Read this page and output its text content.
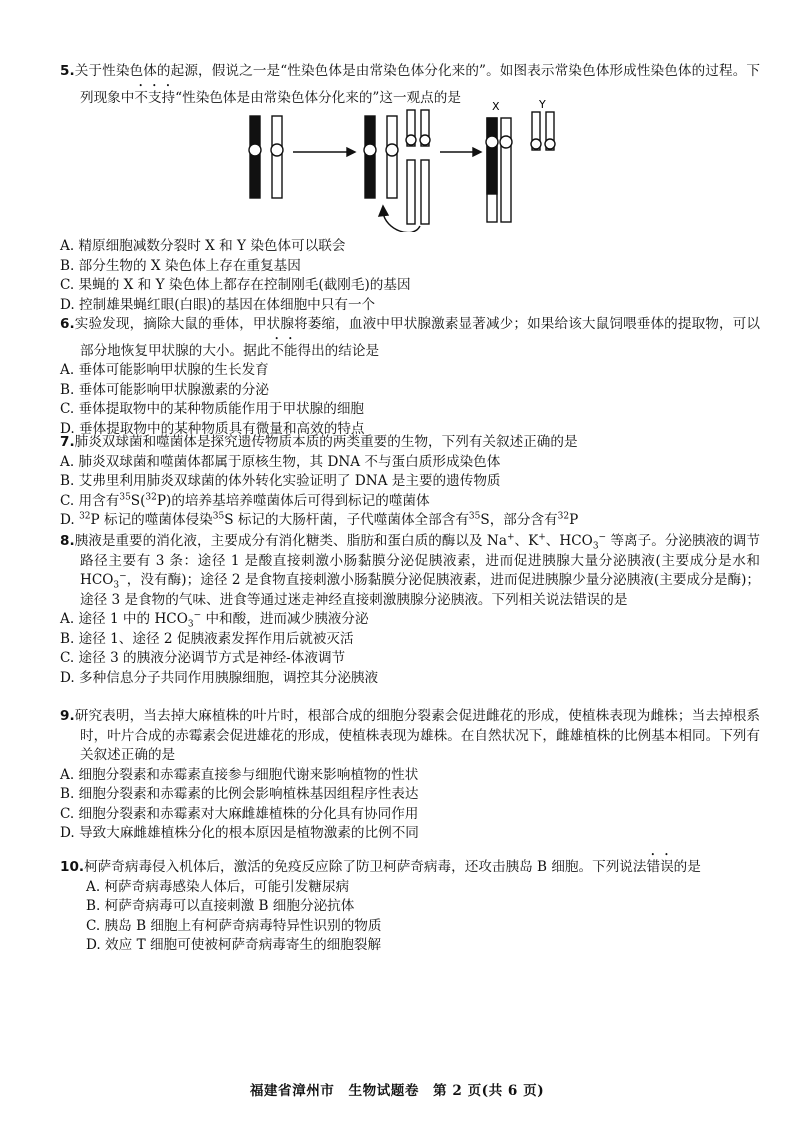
5.关于性染色体的起源，假说之一是“性染色体是由常染色体分化来的”。如图表示常染色体形成性染色体的过程。下列现象中不支持“性染色体是由常染色体分化来的”这一观点的是
X	Y
A. 精原细胞减数分裂时 X 和 Y 染色体可以联会
B. 部分生物的 X 染色体上存在重复基因
C. 果蝇的 X 和 Y 染色体上都存在控制刚毛(截刚毛)的基因
D. 控制雄果蝇红眼(白眼)的基因在体细胞中只有一个
6.实验发现，摘除大鼠的垂体，甲状腺将萎缩，血液中甲状腺激素显著减少；如果给该大鼠饲喂垂体的提取物，可以部分地恢复甲状腺的大小。据此不能得出的结论是
A. 垂体可能影响甲状腺的生长发育
B. 垂体可能影响甲状腺激素的分泌
C. 垂体提取物中的某种物质能作用于甲状腺的细胞
D. 垂体提取物中的某种物质具有微量和高效的特点
7.肺炎双球菌和噬菌体是探究遗传物质本质的两类重要的生物，下列有关叙述正确的是
A. 肺炎双球菌和噬菌体都属于原核生物，其 DNA 不与蛋白质形成染色体
B. 艾弗里利用肺炎双球菌的体外转化实验证明了 DNA 是主要的遗传物质
C. 用含有$^{35}$S($^{32}$P)的培养基培养噬菌体后可得到标记的噬菌体
D. $^{32}$P 标记的噬菌体侵染$^{35}$S 标记的大肠杆菌，子代噬菌体全部含有$^{35}$S，部分含有$^{32}$P
8.胰液是重要的消化液，主要成分有消化糖类、脂肪和蛋白质的酶以及 Na+、K+、$HCO_3^-$ 等离子。分泌胰液的调节路径主要有 3 条：途径 1 是酸直接刺激小肠黏膜分泌促胰液素，进而促进胰腺大量分泌胰液(主要成分是水和 $HCO_3^-$，没有酶)；途径 2 是食物直接刺激小肠黏膜分泌促胰液素，进而促进胰腺少量分泌胰液(主要成分是酶)；途径 3 是食物的气味、进食等通过迷走神经直接刺激胰腺分泌胰液。下列相关说法错误的是
A. 途径 1 中的 $HCO_3^-$ 中和酸，进而减少胰液分泌
B. 途径 1、途径 2 促胰液素发挥作用后就被灭活
C. 途径 3 的胰液分泌调节方式是神经-体液调节
D. 多种信息分子共同作用胰腺细胞，调控其分泌胰液
9.研究表明，当去掉大麻植株的叶片时，根部合成的细胞分裂素会促进雌花的形成，使植株表现为雌株；当去掉根系时，叶片合成的赤霉素会促进雄花的形成，使植株表现为雄株。在自然状况下，雌雄植株的比例基本相同。下列有关叙述正确的是
A. 细胞分裂素和赤霉素直接参与细胞代谢来影响植物的性状
B. 细胞分裂素和赤霉素的比例会影响植株基因组程序性表达
C. 细胞分裂素和赤霉素对大麻雌雄植株的分化具有协同作用
D. 导致大麻雌雄植株分化的根本原因是植物激素的比例不同
10.柯萨奇病毒侵入机体后，激活的免疫反应除了防卫柯萨奇病毒，还攻击胰岛 B 细胞。下列说法错误的是
A. 柯萨奇病毒感染人体后，可能引发糖尿病
B. 柯萨奇病毒可以直接刺激 B 细胞分泌抗体
C. 胰岛 B 细胞上有柯萨奇病毒特异性识别的物质
D. 效应 T 细胞可使被柯萨奇病毒寄生的细胞裂解
福建省漳州市　生物试题卷　第 2 页(共 6 页)
